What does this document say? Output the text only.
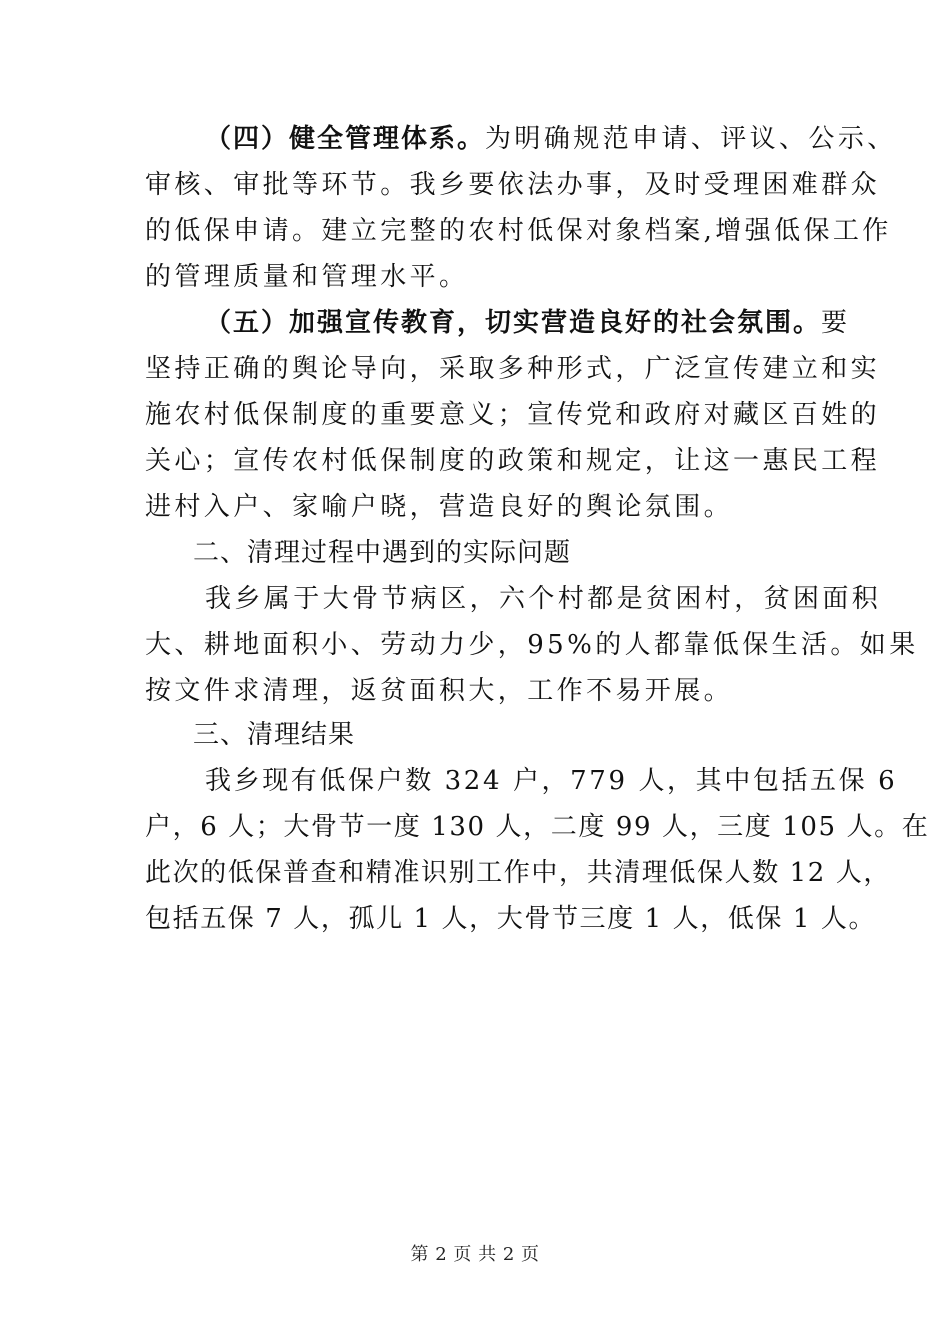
（四）健全管理体系。为明确规范申请、评议、公示、
审核、审批等环节。我乡要依法办事，及时受理困难群众
的低保申请。建立完整的农村低保对象档案,增强低保工作
的管理质量和管理水平。
（五）加强宣传教育，切实营造良好的社会氛围。要
坚持正确的舆论导向，采取多种形式，广泛宣传建立和实
施农村低保制度的重要意义；宣传党和政府对藏区百姓的
关心；宣传农村低保制度的政策和规定，让这一惠民工程
进村入户、家喻户晓，营造良好的舆论氛围。
二、清理过程中遇到的实际问题
我乡属于大骨节病区，六个村都是贫困村，贫困面积
大、耕地面积小、劳动力少，95%的人都靠低保生活。如果
按文件求清理，返贫面积大，工作不易开展。
三、清理结果
我乡现有低保户数 324 户，779 人，其中包括五保 6
户，6 人；大骨节一度 130 人，二度 99 人，三度 105 人。在
此次的低保普查和精准识别工作中，共清理低保人数 12 人，
包括五保 7 人，孤儿 1 人，大骨节三度 1 人，低保 1 人。
第 2 页 共 2 页
